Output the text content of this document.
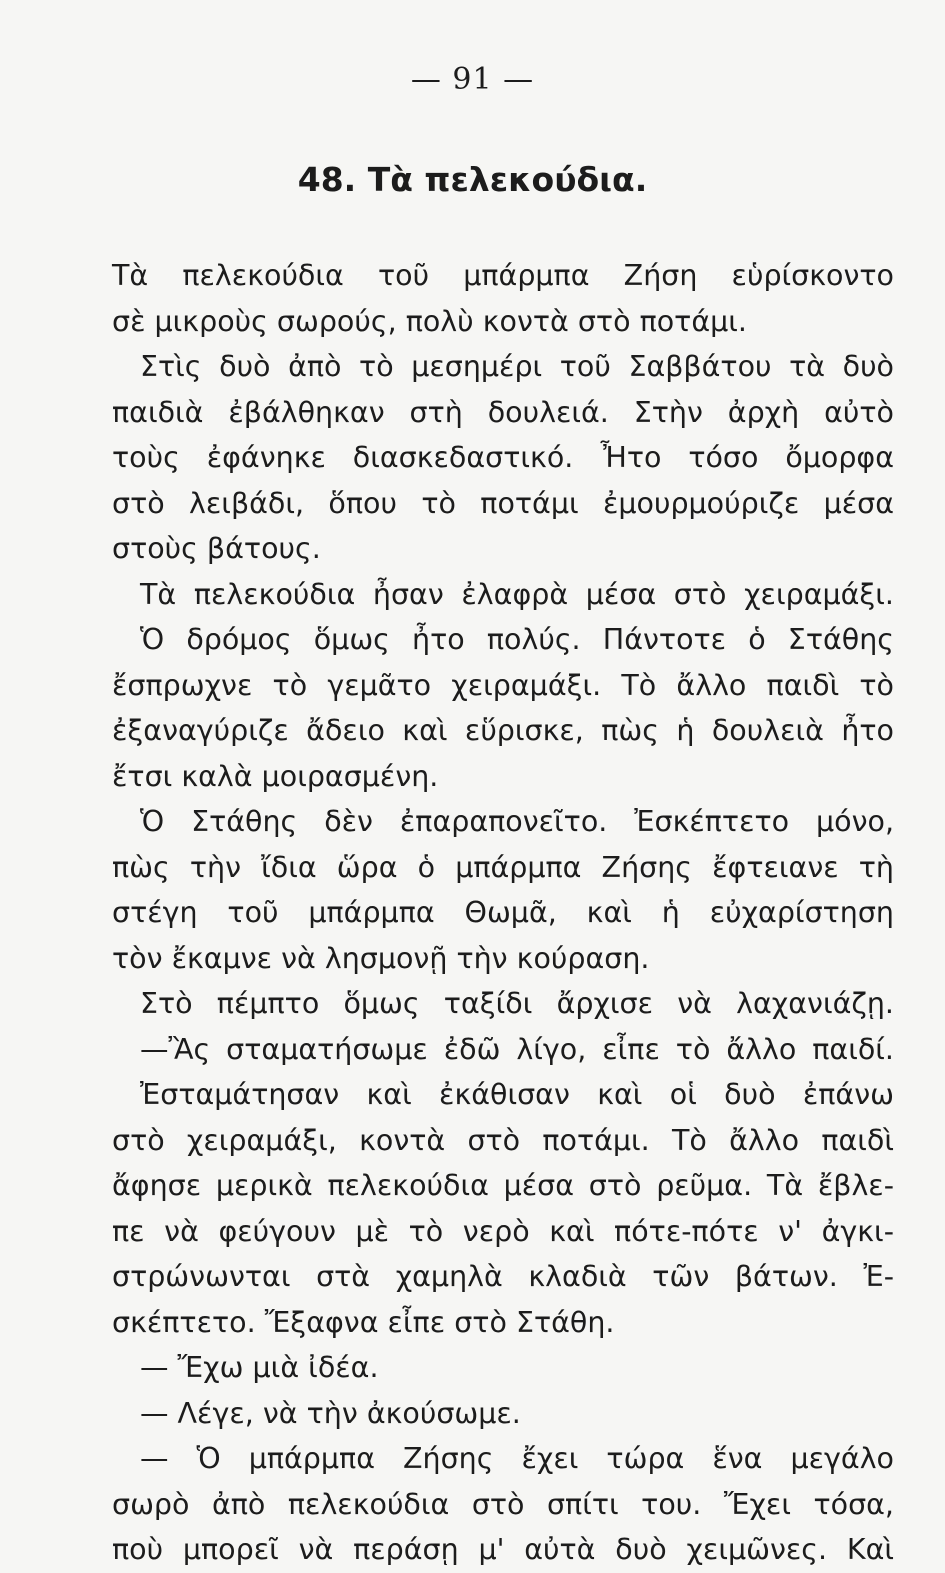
— 91 —
48. Τὰ πελεκούδια.
Τὰ πελεκούδια τοῦ μπάρμπα Ζήση εὑρίσκοντο
σὲ μικροὺς σωρούς, πολὺ κοντὰ στὸ ποτάμι.
Στὶς δυὸ ἀπὸ τὸ μεσημέρι τοῦ Σαββάτου τὰ δυὸ
παιδιὰ ἐβάλθηκαν στὴ δουλειά. Στὴν ἀρχὴ αὐτὸ
τοὺς ἐφάνηκε διασκεδαστικό. Ἦτο τόσο ὄμορφα
στὸ λειβάδι, ὅπου τὸ ποτάμι ἐμουρμούριζε μέσα
στοὺς βάτους.
Τὰ πελεκούδια ἦσαν ἐλαφρὰ μέσα στὸ χειραμάξι.
Ὁ δρόμος ὅμως ἦτο πολύς. Πάντοτε ὁ Στάθης
ἔσπρωχνε τὸ γεμᾶτο χειραμάξι. Τὸ ἄλλο παιδὶ τὸ
ἐξαναγύριζε ἄδειο καὶ εὕρισκε, πὼς ἡ δουλειὰ ἦτο
ἔτσι καλὰ μοιρασμένη.
Ὁ Στάθης δὲν ἐπαραπονεῖτο. Ἐσκέπτετο μόνο,
πὼς τὴν ἴδια ὥρα ὁ μπάρμπα Ζήσης ἔφτειανε τὴ
στέγη τοῦ μπάρμπα Θωμᾶ, καὶ ἡ εὐχαρίστηση
τὸν ἔκαμνε νὰ λησμονῇ τὴν κούραση.
Στὸ πέμπτο ὅμως ταξίδι ἄρχισε νὰ λαχανιάζῃ.
—Ἂς σταματήσωμε ἐδῶ λίγο, εἶπε τὸ ἄλλο παιδί.
Ἐσταμάτησαν καὶ ἐκάθισαν καὶ οἱ δυὸ ἐπάνω
στὸ χειραμάξι, κοντὰ στὸ ποτάμι. Τὸ ἄλλο παιδὶ
ἄφησε μερικὰ πελεκούδια μέσα στὸ ρεῦμα. Τὰ ἔβλε-
πε νὰ φεύγουν μὲ τὸ νερὸ καὶ πότε-πότε ν' ἀγκι-
στρώνωνται στὰ χαμηλὰ κλαδιὰ τῶν βάτων. Ἐ-
σκέπτετο. Ἔξαφνα εἶπε στὸ Στάθη.
— Ἔχω μιὰ ἰδέα.
— Λέγε, νὰ τὴν ἀκούσωμε.
— Ὁ μπάρμπα Ζήσης ἔχει τώρα ἕνα μεγάλο
σωρὸ ἀπὸ πελεκούδια στὸ σπίτι του. Ἔχει τόσα,
ποὺ μπορεῖ νὰ περάσῃ μ' αὐτὰ δυὸ χειμῶνες. Καὶ
